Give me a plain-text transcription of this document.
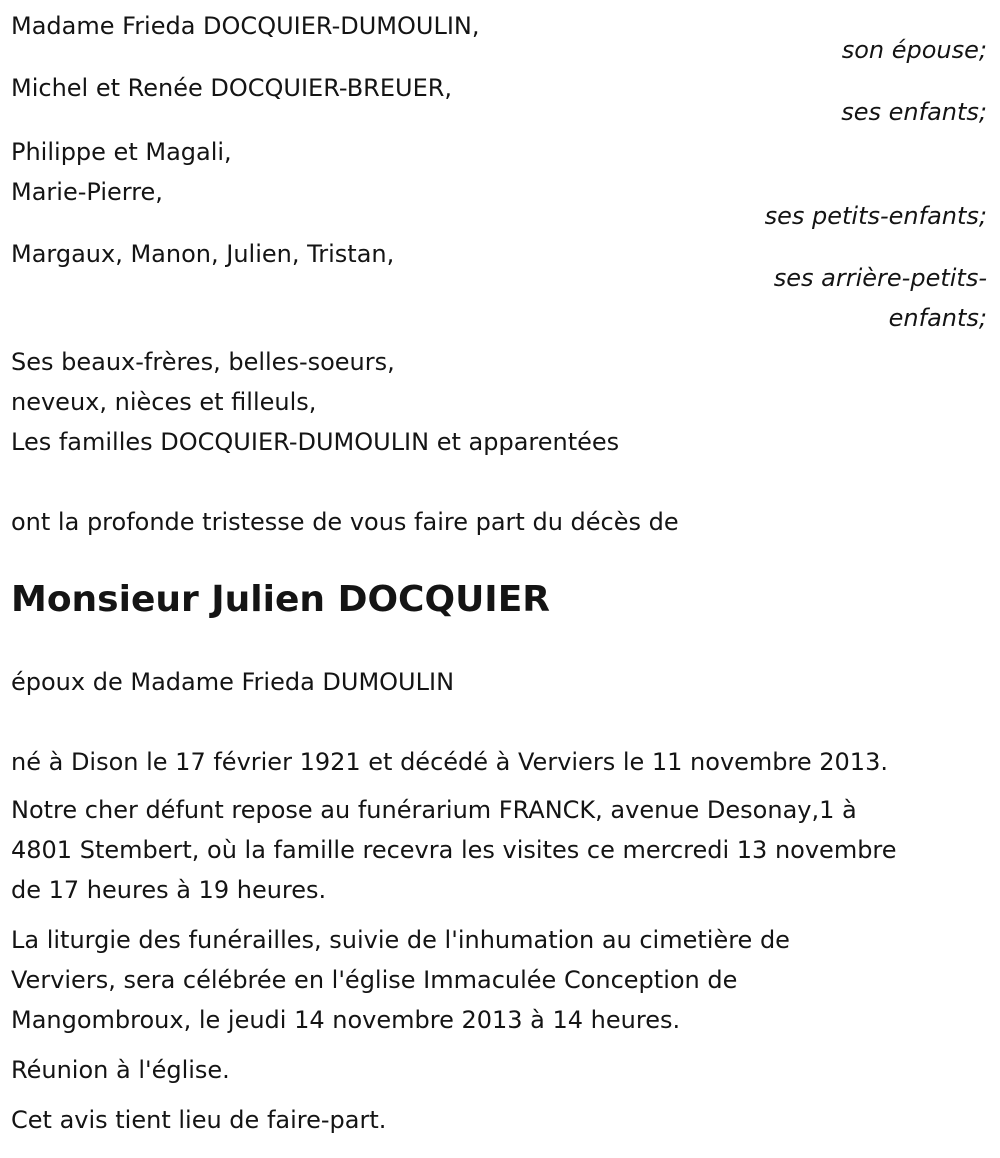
Madame Frieda DOCQUIER-DUMOULIN,
son épouse;
Michel et Renée DOCQUIER-BREUER,
ses enfants;
Philippe et Magali,
Marie-Pierre,
ses petits-enfants;
Margaux, Manon, Julien, Tristan,
ses arrière-petits-
enfants;
Ses beaux-frères, belles-soeurs,
neveux, nièces et filleuls,
Les familles DOCQUIER-DUMOULIN et apparentées
ont la profonde tristesse de vous faire part du décès de
Monsieur Julien DOCQUIER
époux de Madame Frieda DUMOULIN
né à Dison le 17 février 1921 et décédé à Verviers le 11 novembre 2013.
Notre cher défunt repose au funérarium FRANCK, avenue Desonay,1 à
4801 Stembert, où la famille recevra les visites ce mercredi 13 novembre
de 17 heures à 19 heures.
La liturgie des funérailles, suivie de l'inhumation au cimetière de
Verviers, sera célébrée en l'église Immaculée Conception de
Mangombroux, le jeudi 14 novembre 2013 à 14 heures.
Réunion à l'église.
Cet avis tient lieu de faire-part.
